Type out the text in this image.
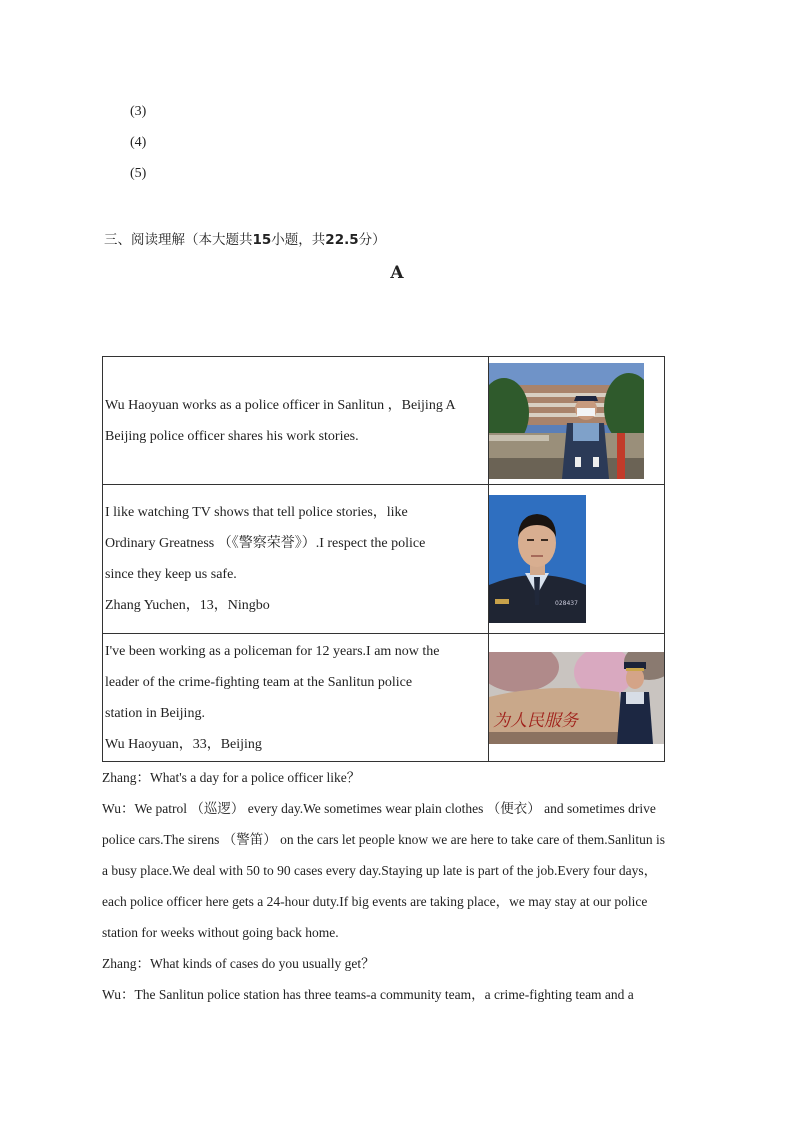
(3)
(4)
(5)
三、阅读理解（本大题共15小题，共22.5分）
A
Wu Haoyuan works as a police officer in Sanlitun ，Beijing A
Beijing police officer shares his work stories.

I like watching TV shows that tell police stories，like
Ordinary Greatness （《警察荣誉》）.I respect the police
since they keep us safe.
Zhang Yuchen，13，Ningbo	028437

I've been working as a policeman for 12 years.I am now the
leader of the crime-fighting team at the Sanlitun police
station in Beijing.
Wu Haoyuan，33，Beijing	为人民服务
Zhang：What's a day for a police officer like？
Wu：We patrol （巡逻） every day.We sometimes wear plain clothes （便衣） and sometimes drive
police cars.The sirens （警笛） on the cars let people know we are here to take care of them.Sanlitun is
a busy place.We deal with 50 to 90 cases every day.Staying up late is part of the job.Every four days，
each police officer here gets a 24-hour duty.If big events are taking place，we may stay at our police
station for weeks without going back home.
Zhang：What kinds of cases do you usually get？
Wu：The Sanlitun police station has three teams-a community team，a crime-fighting team and a
